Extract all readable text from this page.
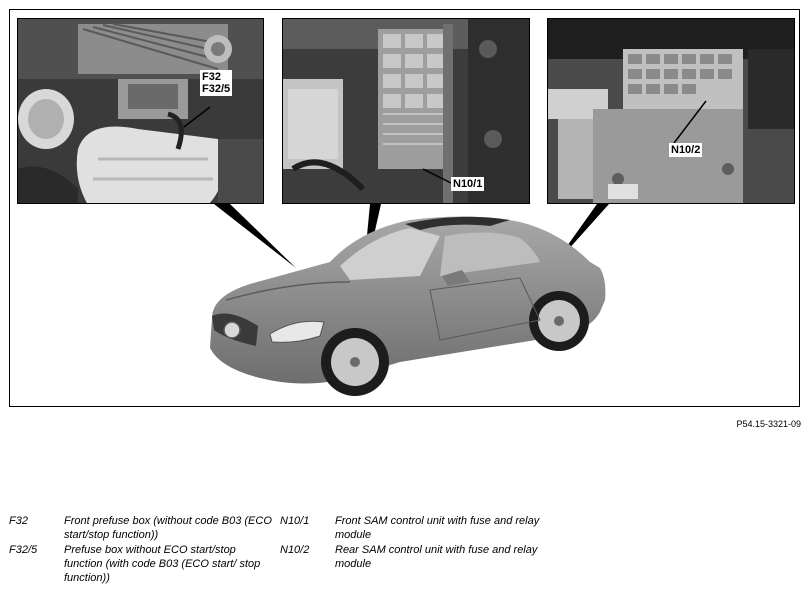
F32
F32/5
N10/1
N10/2
P54.15-3321-09
F32	Front prefuse box (without code B03 (ECO start/stop function))
F32/5 Prefuse box without ECO start/stop function (with code B03 (ECO start/ stop function))
N10/1 Front SAM control unit with fuse and relay module
N10/2 Rear SAM control unit with fuse and relay module
